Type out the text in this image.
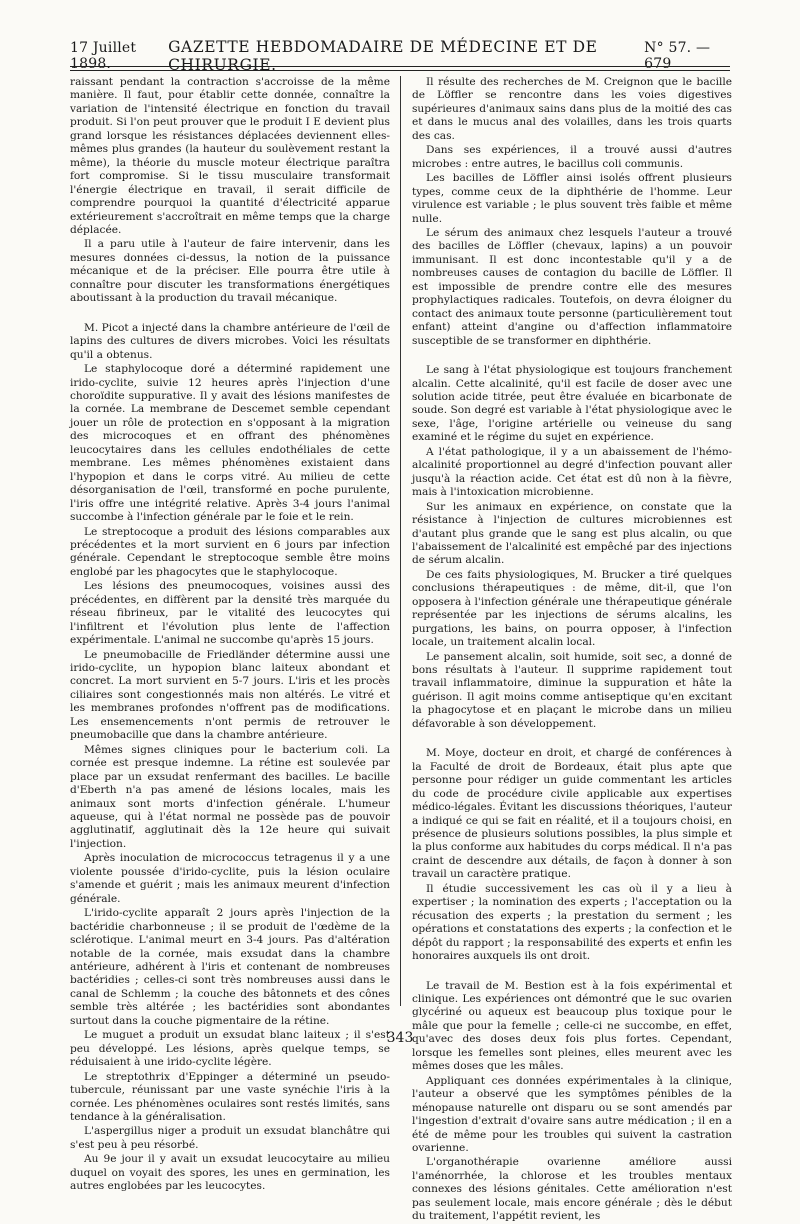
17 Juillet 1898.
GAZETTE HEBDOMADAIRE DE MÉDECINE ET DE CHIRURGIE.
N° 57. — 679

raissant pendant la contraction s'accroisse de la même manière. Il faut, pour établir cette donnée, connaître la variation de l'intensité électrique en fonction du travail produit. Si l'on peut prouver que le produit I E devient plus grand lorsque les résistances déplacées deviennent elles-mêmes plus grandes (la hauteur du soulèvement restant la même), la théorie du muscle moteur électrique paraîtra fort compromise. Si le tissu musculaire transformait l'énergie électrique en travail, il serait difficile de comprendre pourquoi la quantité d'électricité apparue extérieurement s'accroîtrait en même temps que la charge déplacée.

Il a paru utile à l'auteur de faire intervenir, dans les mesures données ci-dessus, la notion de la puissance mécanique et de la préciser. Elle pourra être utile à connaître pour discuter les transformations énergétiques aboutissant à la production du travail mécanique.

M. Picot a injecté dans la chambre antérieure de l'œil de lapins des cultures de divers microbes. Voici les résultats qu'il a obtenus.

Le staphylocoque doré a déterminé rapidement une irido-cyclite, suivie 12 heures après l'injection d'une choroïdite suppurative. Il y avait des lésions manifestes de la cornée. La membrane de Descemet semble cependant jouer un rôle de protection en s'opposant à la migration des microcoques et en offrant des phénomènes leucocytaires dans les cellules endothéliales de cette membrane. Les mêmes phénomènes existaient dans l'hypopion et dans le corps vitré. Au milieu de cette désorganisation de l'œil, transformé en poche purulente, l'iris offre une intégrité relative. Après 3-4 jours l'animal succombe à l'infection générale par le foie et le rein.

Le streptocoque a produit des lésions comparables aux précédentes et la mort survient en 6 jours par infection générale. Cependant le streptocoque semble être moins englobé par les phagocytes que le staphylocoque.

Les lésions des pneumocoques, voisines aussi des précédentes, en diffèrent par la densité très marquée du réseau fibrineux, par le vitalité des leucocytes qui l'infiltrent et l'évolution plus lente de l'affection expérimentale. L'animal ne succombe qu'après 15 jours.

Le pneumobacille de Friedländer détermine aussi une irido-cyclite, un hypopion blanc laiteux abondant et concret. La mort survient en 5-7 jours. L'iris et les procès ciliaires sont congestionnés mais non altérés. Le vitré et les membranes profondes n'offrent pas de modifications. Les ensemencements n'ont permis de retrouver le pneumobacille que dans la chambre antérieure.

Mêmes signes cliniques pour le bacterium coli. La cornée est presque indemne. La rétine est soulevée par place par un exsudat renfermant des bacilles. Le bacille d'Eberth n'a pas amené de lésions locales, mais les animaux sont morts d'infection générale. L'humeur aqueuse, qui à l'état normal ne possède pas de pouvoir agglutinatif, agglutinait dès la 12e heure qui suivait l'injection.

Après inoculation de micrococcus tetragenus il y a une violente poussée d'irido-cyclite, puis la lésion oculaire s'amende et guérit ; mais les animaux meurent d'infection générale.

L'irido-cyclite apparaît 2 jours après l'injection de la bactéridie charbonneuse ; il se produit de l'œdème de la sclérotique. L'animal meurt en 3-4 jours. Pas d'altération notable de la cornée, mais exsudat dans la chambre antérieure, adhérent à l'iris et contenant de nombreuses bactéridies ; celles-ci sont très nombreuses aussi dans le canal de Schlemm ; la couche des bâtonnets et des cônes semble très altérée ; les bactéridies sont abondantes surtout dans la couche pigmentaire de la rétine.

Le muguet a produit un exsudat blanc laiteux ; il s'est peu développé. Les lésions, après quelque temps, se réduisaient à une irido-cyclite légère.

Le streptothrix d'Eppinger a déterminé un pseudo-tubercule, réunissant par une vaste synéchie l'iris à la cornée. Les phénomènes oculaires sont restés limités, sans tendance à la généralisation.

L'aspergillus niger a produit un exsudat blanchâtre qui s'est peu à peu résorbé.

Au 9e jour il y avait un exsudat leucocytaire au milieu duquel on voyait des spores, les unes en germination, les autres englobées par les leucocytes.

Il résulte des recherches de M. Creignon que le bacille de Löffler se rencontre dans les voies digestives supérieures d'animaux sains dans plus de la moitié des cas et dans le mucus anal des volailles, dans les trois quarts des cas.

Dans ses expériences, il a trouvé aussi d'autres microbes : entre autres, le bacillus coli communis.

Les bacilles de Löffler ainsi isolés offrent plusieurs types, comme ceux de la diphthérie de l'homme. Leur virulence est variable ; le plus souvent très faible et même nulle.

Le sérum des animaux chez lesquels l'auteur a trouvé des bacilles de Löffler (chevaux, lapins) a un pouvoir immunisant. Il est donc incontestable qu'il y a de nombreuses causes de contagion du bacille de Löffler. Il est impossible de prendre contre elle des mesures prophylactiques radicales. Toutefois, on devra éloigner du contact des animaux toute personne (particulièrement tout enfant) atteint d'angine ou d'affection inflammatoire susceptible de se transformer en diphthérie.

Le sang à l'état physiologique est toujours franchement alcalin. Cette alcalinité, qu'il est facile de doser avec une solution acide titrée, peut être évaluée en bicarbonate de soude. Son degré est variable à l'état physiologique avec le sexe, l'âge, l'origine artérielle ou veineuse du sang examiné et le régime du sujet en expérience.

A l'état pathologique, il y a un abaissement de l'hémo-alcalinité proportionnel au degré d'infection pouvant aller jusqu'à la réaction acide. Cet état est dû non à la fièvre, mais à l'intoxication microbienne.

Sur les animaux en expérience, on constate que la résistance à l'injection de cultures microbiennes est d'autant plus grande que le sang est plus alcalin, ou que l'abaissement de l'alcalinité est empêché par des injections de sérum alcalin.

De ces faits physiologiques, M. Brucker a tiré quelques conclusions thérapeutiques : de même, dit-il, que l'on opposera à l'infection générale une thérapeutique générale représentée par les injections de sérums alcalins, les purgations, les bains, on pourra opposer, à l'infection locale, un traitement alcalin local.

Le pansement alcalin, soit humide, soit sec, a donné de bons résultats à l'auteur. Il supprime rapidement tout travail inflammatoire, diminue la suppuration et hâte la guérison. Il agit moins comme antiseptique qu'en excitant la phagocytose et en plaçant le microbe dans un milieu défavorable à son développement.

M. Moye, docteur en droit, et chargé de conférences à la Faculté de droit de Bordeaux, était plus apte que personne pour rédiger un guide commentant les articles du code de procédure civile applicable aux expertises médico-légales. Évitant les discussions théoriques, l'auteur a indiqué ce qui se fait en réalité, et il a toujours choisi, en présence de plusieurs solutions possibles, la plus simple et la plus conforme aux habitudes du corps médical. Il n'a pas craint de descendre aux détails, de façon à donner à son travail un caractère pratique.

Il étudie successivement les cas où il y a lieu à expertiser ; la nomination des experts ; l'acceptation ou la récusation des experts ; la prestation du serment ; les opérations et constatations des experts ; la confection et le dépôt du rapport ; la responsabilité des experts et enfin les honoraires auxquels ils ont droit.

Le travail de M. Bestion est à la fois expérimental et clinique. Les expériences ont démontré que le suc ovarien glycériné ou aqueux est beaucoup plus toxique pour le mâle que pour la femelle ; celle-ci ne succombe, en effet, qu'avec des doses deux fois plus fortes. Cependant, lorsque les femelles sont pleines, elles meurent avec les mêmes doses que les mâles.

Appliquant ces données expérimentales à la clinique, l'auteur a observé que les symptômes pénibles de la ménopause naturelle ont disparu ou se sont amendés par l'ingestion d'extrait d'ovaire sans autre médication ; il en a été de même pour les troubles qui suivent la castration ovarienne.

L'organothérapie ovarienne améliore aussi l'aménorrhée, la chlorose et les troubles mentaux connexes des lésions génitales. Cette amélioration n'est pas seulement locale, mais encore générale ; dès le début du traitement, l'appétit revient, les

343
